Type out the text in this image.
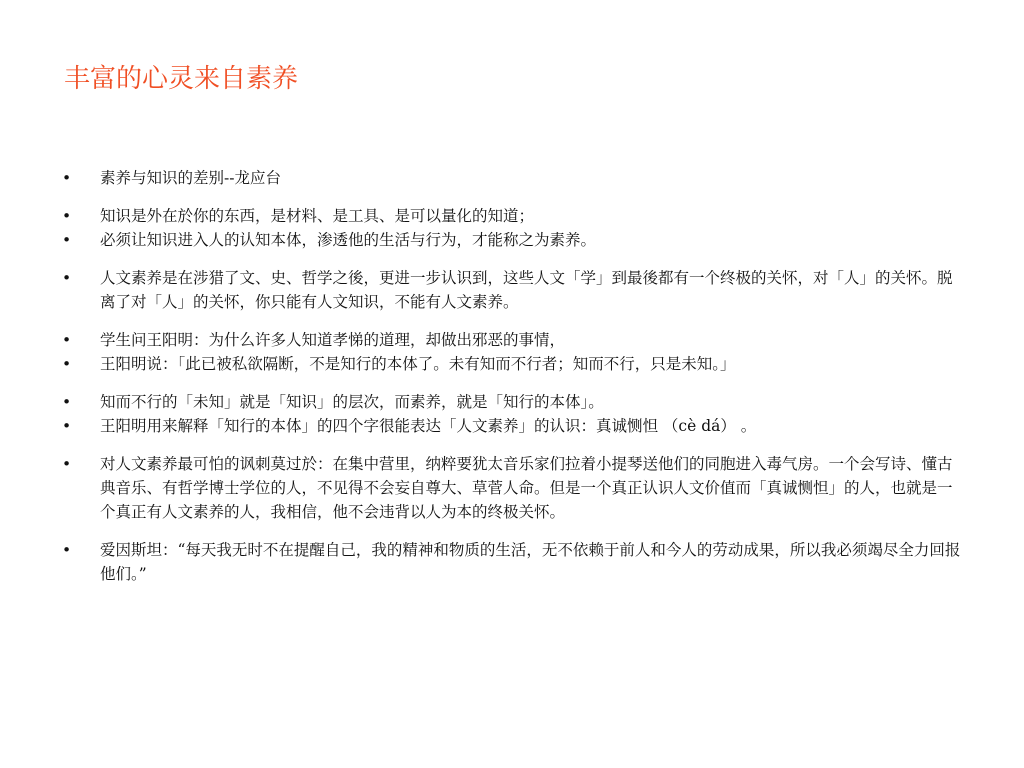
丰富的心灵来自素养
•	素养与知识的差别--龙应台
•	知识是外在於你的东西，是材料、是工具、是可以量化的知道；
•	必须让知识进入人的认知本体，渗透他的生活与行为，才能称之为素养。
•	人文素养是在涉猎了文、史、哲学之後，更进一步认识到，这些人文「学」到最後都有一个终极的关怀，对「人」的关怀。脱离了对「人」的关怀，你只能有人文知识，不能有人文素养。
•	学生问王阳明：为什么许多人知道孝悌的道理，却做出邪恶的事情，
•	王阳明说：「此已被私欲隔断，不是知行的本体了。未有知而不行者；知而不行，只是未知。」
•	知而不行的「未知」就是「知识」的层次，而素养，就是「知行的本体」。
•	王阳明用来解释「知行的本体」的四个字很能表达「人文素养」的认识：真诚恻怛 （cè dá） 。
•	对人文素养最可怕的讽刺莫过於：在集中营里，纳粹要犹太音乐家们拉着小提琴送他们的同胞进入毒气房。一个会写诗、懂古典音乐、有哲学博士学位的人，不见得不会妄自尊大、草菅人命。但是一个真正认识人文价值而「真诚恻怛」的人，也就是一个真正有人文素养的人，我相信，他不会违背以人为本的终极关怀。
•	爱因斯坦：“每天我无时不在提醒自己，我的精神和物质的生活，无不依赖于前人和今人的劳动成果，所以我必须竭尽全力回报他们。”
